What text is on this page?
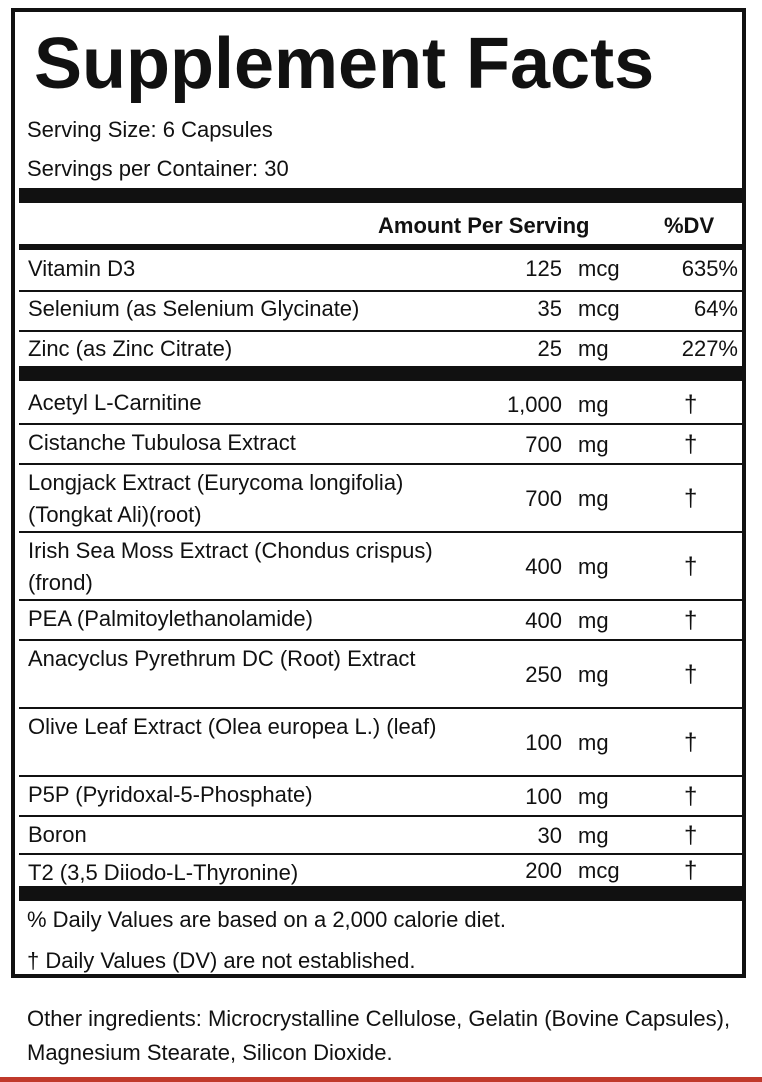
Supplement Facts
Serving Size: 6 Capsules
Servings per Container: 30
Amount Per Serving	%DV
% Daily Values are based on a 2,000 calorie diet.
† Daily Values (DV) are not established.
Other ingredients: Microcrystalline Cellulose, Gelatin (Bovine Capsules), Magnesium Stearate, Silicon Dioxide.
Vitamin D3	125 mcg	635%
Selenium (as Selenium Glycinate)	35 mcg	64%
Zinc (as Zinc Citrate)	25 mg	227%
Acetyl L-Carnitine	1,000 mg	†
Cistanche Tubulosa Extract	700 mg	†
Longjack Extract (Eurycoma longifolia)(Tongkat Ali)(root)
700 mg	†
Irish Sea Moss Extract (Chondus crispus)(frond)
400 mg	†
PEA (Palmitoylethanolamide)	400 mg	†
Anacyclus Pyrethrum DC (Root) Extract
250 mg	†
Olive Leaf Extract (Olea europea L.) (leaf)
100 mg	†
P5P (Pyridoxal-5-Phosphate)	100 mg	†
Boron	30 mg	†
T2 (3,5 Diiodo-L-Thyronine)	200 mcg	†
